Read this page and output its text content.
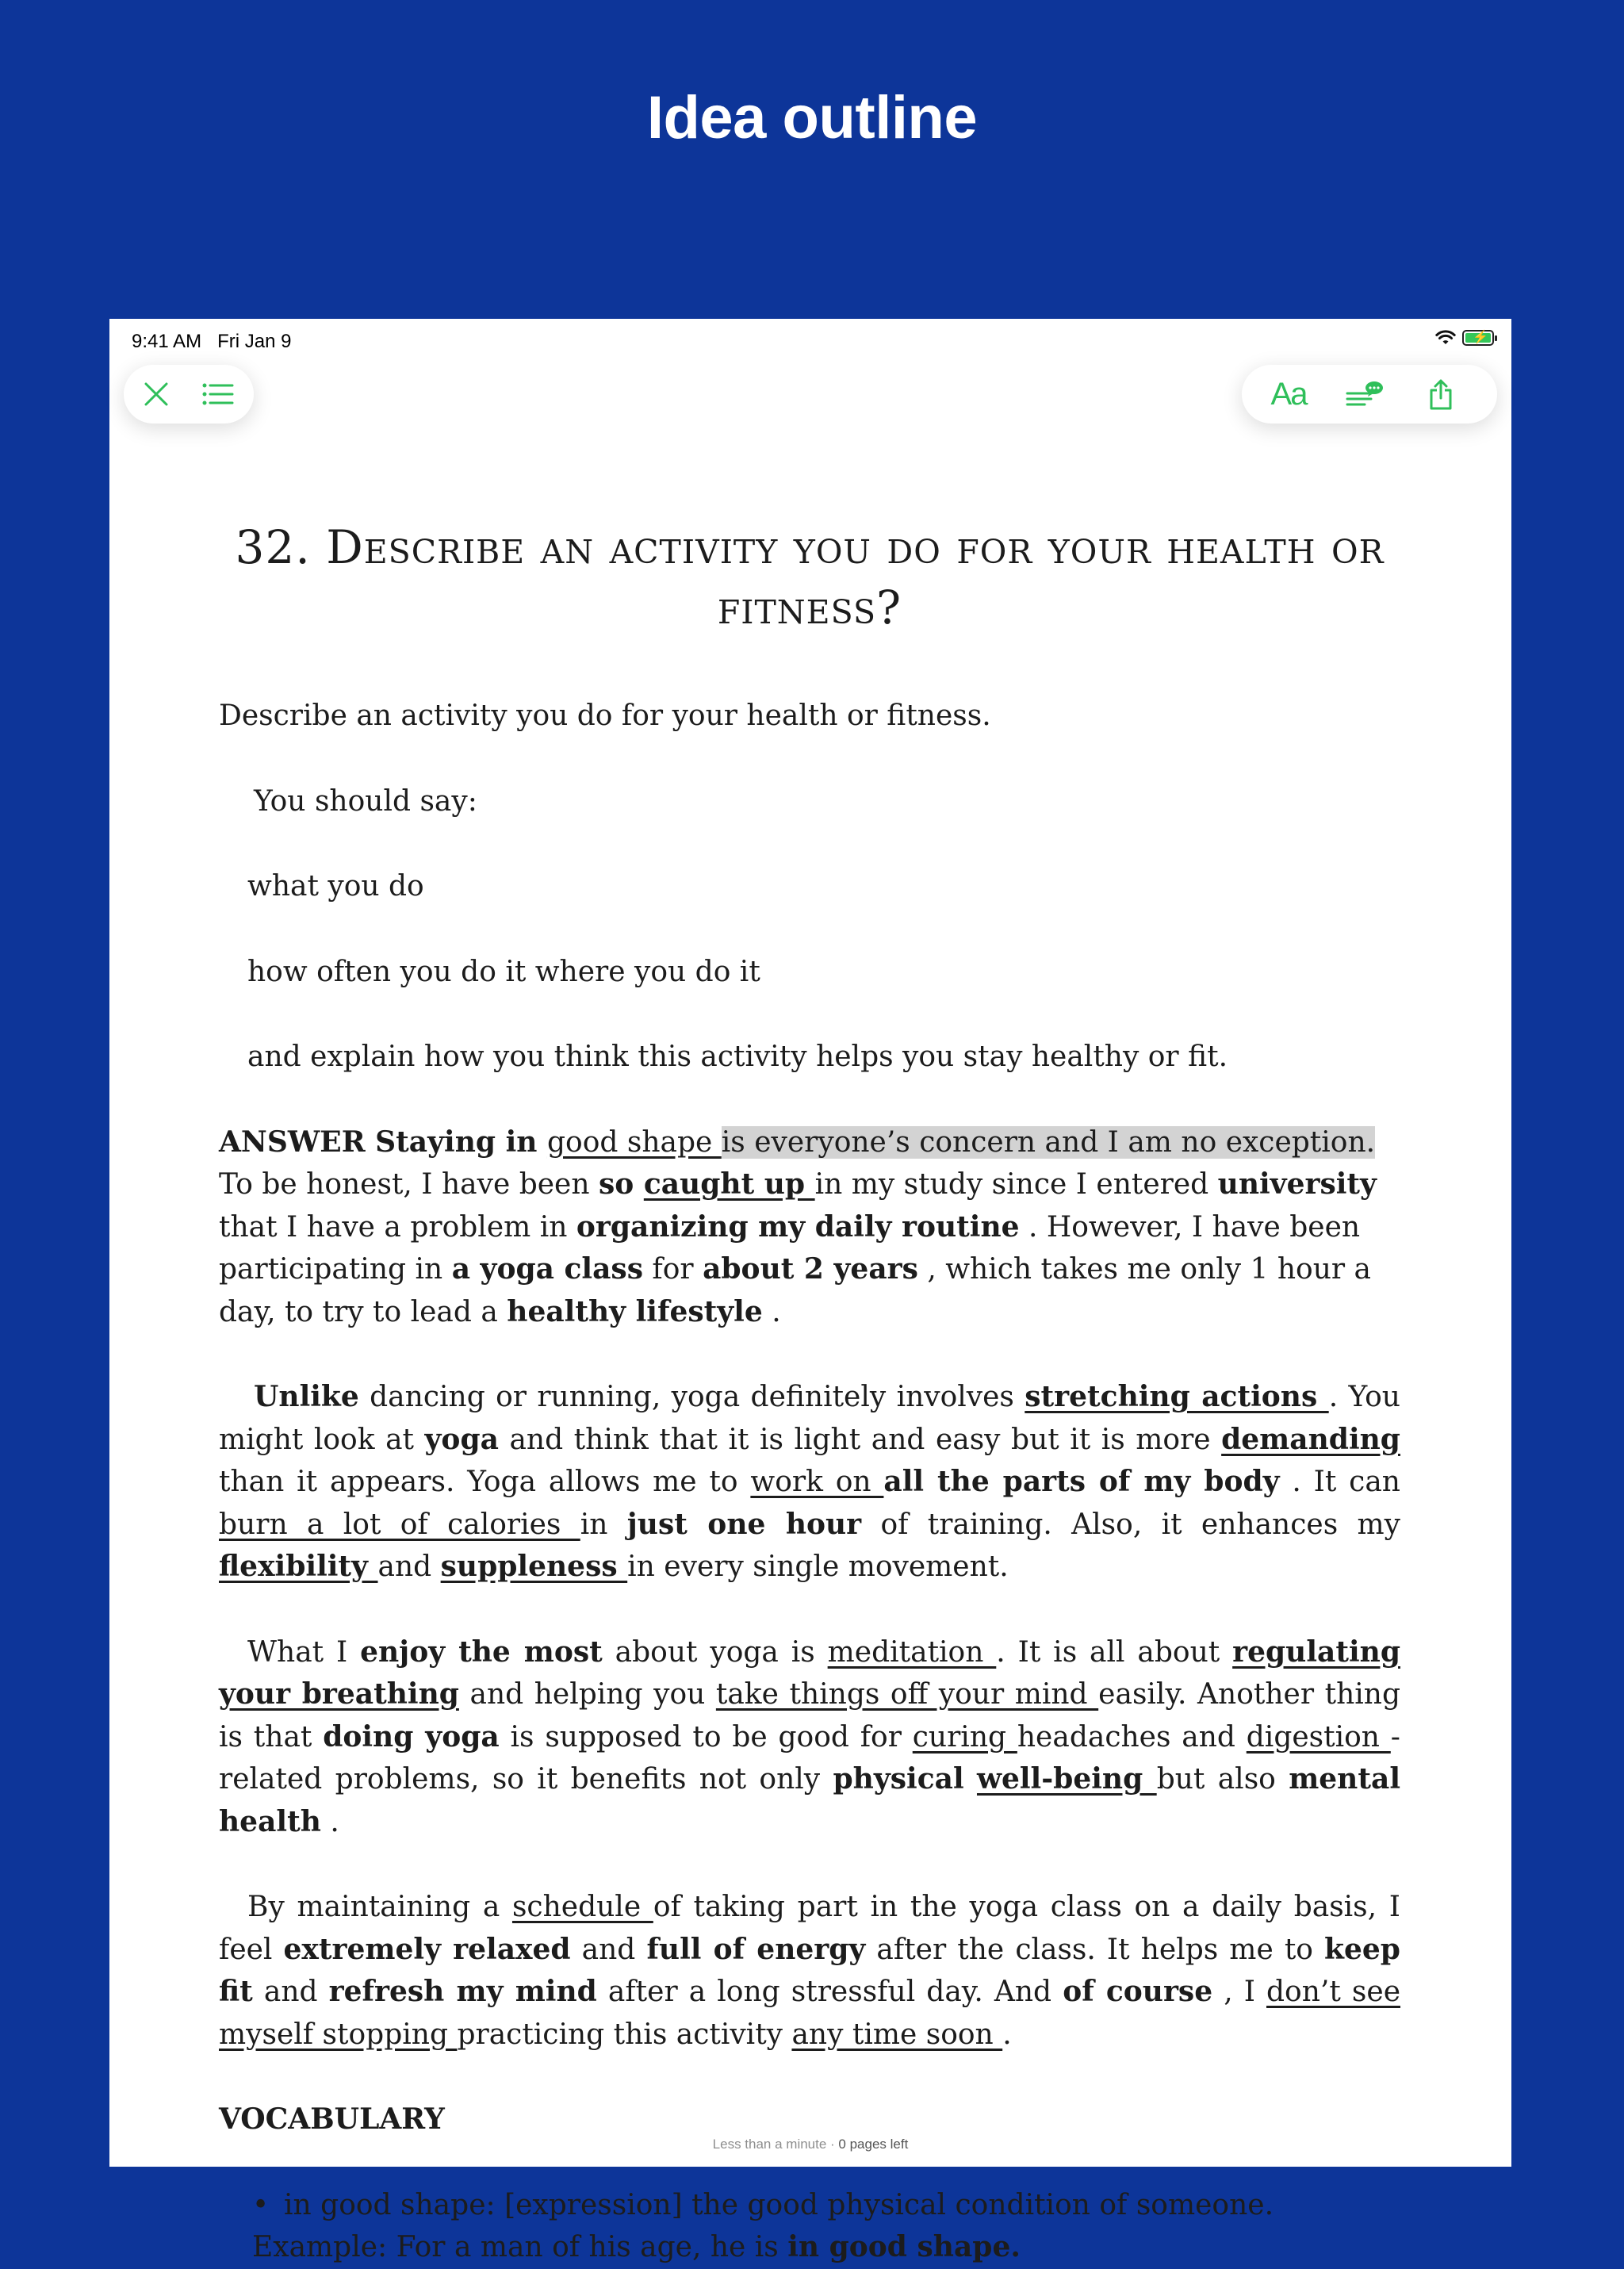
Idea outline
9:41 AM Fri Jan 9	⚡
Aa
32. Describe an activity you do for your health or fitness?

Describe an activity you do for your health or fitness.

You should say:

what you do

how often you do it where you do it

and explain how you think this activity helps you stay healthy or fit.

ANSWER Staying in good shape is everyone’s concern and I am no exception. To be honest, I have been so caught up in my study since I entered university that I have a problem in organizing my daily routine . However, I have been participating in a yoga class for about 2 years , which takes me only 1 hour a day, to try to lead a healthy lifestyle .

Unlike dancing or running, yoga definitely involves stretching actions . You might look at yoga and think that it is light and easy but it is more demanding than it appears. Yoga allows me to work on all the parts of my body . It can burn a lot of calories in just one hour of training. Also, it enhances my flexibility and suppleness in every single movement.

What I enjoy the most about yoga is meditation . It is all about regulating your breathing and helping you take things off your mind easily. Another thing is that doing yoga is supposed to be good for curing headaches and digestion -related problems, so it benefits not only physical well-being but also mental health .

By maintaining a schedule of taking part in the yoga class on a daily basis, I feel extremely relaxed and full of energy after the class. It helps me to keep fit and refresh my mind after a long stressful day. And of course , I don’t see myself stopping practicing this activity any time soon .

VOCABULARY

• in good shape: [expression] the good physical condition of someone. Example: For a man of his age, he is in good shape.

Less than a minute · 0 pages left
